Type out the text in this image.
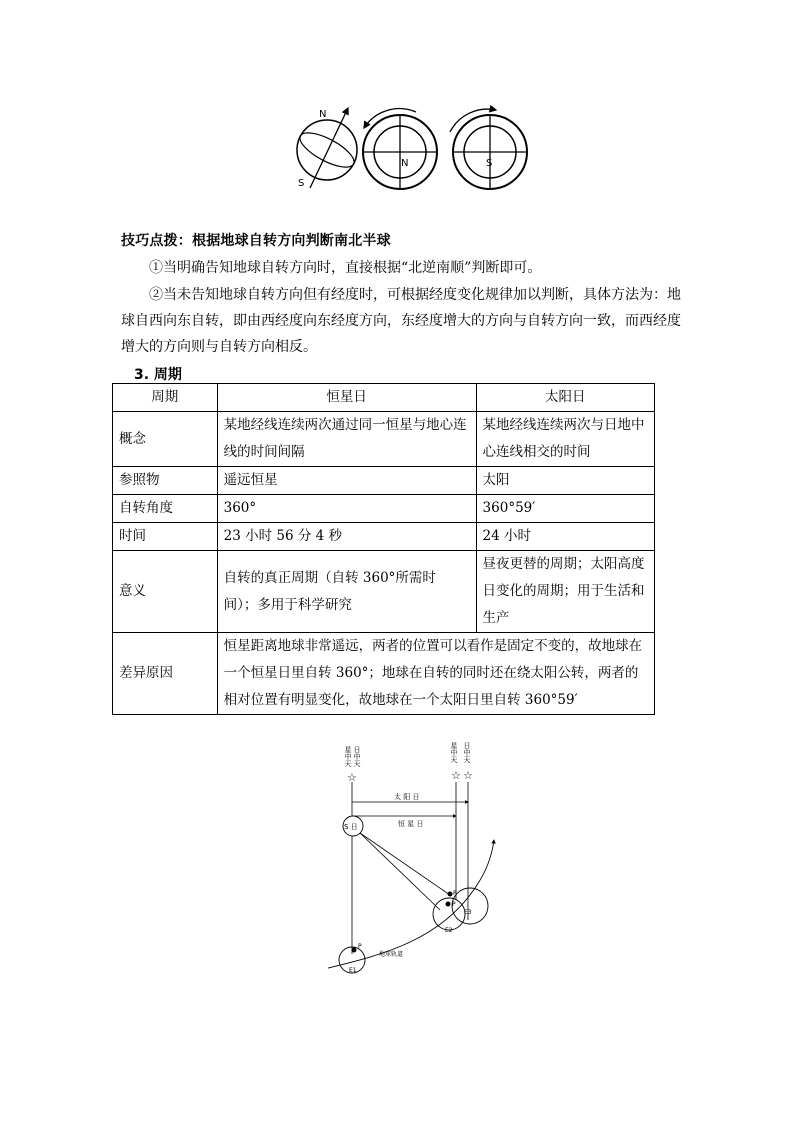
N
S
N	S
技巧点拨：根据地球自转方向判断南北半球
①当明确告知地球自转方向时，直接根据“北逆南顺”判断即可。
②当未告知地球自转方向但有经度时，可根据经度变化规律加以判断，具体方法为：地球自西向东自转，即由西经度向东经度方向，东经度增大的方向与自转方向一致，而西经度增大的方向则与自转方向相反。
3. 周期
周期	恒星日	太阳日
概念	某地经线连续两次通过同一恒星与地心连线的时间间隔	某地经线连续两次与日地中心连线相交的时间
参照物	遥远恒星	太阳
自转角度	360°	360°59′
时间	23 小时 56 分 4 秒	24 小时
意义	自转的真正周期（自转 360°所需时间）；多用于科学研究	昼夜更替的周期；太阳高度日变化的周期；用于生活和生产
差异原因	恒星距离地球非常遥远，两者的位置可以看作是固定不变的，故地球在一个恒星日里自转 360°；地球在自转的同时还在绕太阳公转，两者的相对位置有明显变化，故地球在一个太阳日里自转 360°59′	
星中天 日中天	星中天 日中天
☆	☆ ☆
太 阳 日
恒 星 日
S 日
P
P
P
E1
E2
E3
地球轨道
